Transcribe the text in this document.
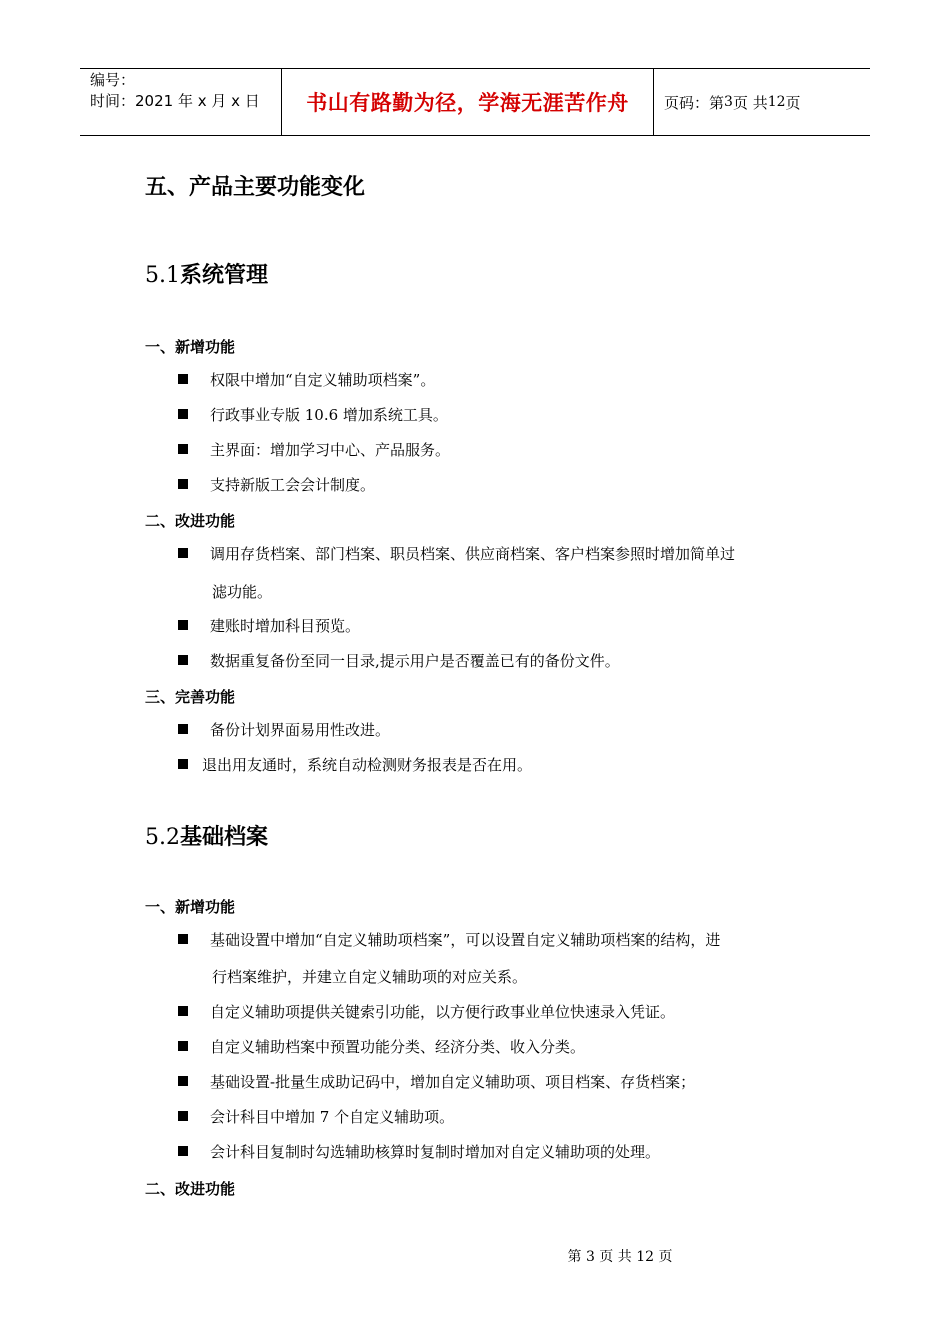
编号：
时间：2021 年 x 月 x 日	书山有路勤为径，学海无涯苦作舟	页码：第 3 页 共 12 页
五、产品主要功能变化
5.1系统管理
一、新增功能
权限中增加“自定义辅助项档案”。
行政事业专版 10.6 增加系统工具。
主界面：增加学习中心、产品服务。
支持新版工会会计制度。
二、改进功能
调用存货档案、部门档案、职员档案、供应商档案、客户档案参照时增加简单过
滤功能。
建账时增加科目预览。
数据重复备份至同一目录,提示用户是否覆盖已有的备份文件。
三、完善功能
备份计划界面易用性改进。
退出用友通时，系统自动检测财务报表是否在用。
5.2基础档案
一、新增功能
基础设置中增加“自定义辅助项档案”，可以设置自定义辅助项档案的结构，进
行档案维护，并建立自定义辅助项的对应关系。
自定义辅助项提供关键索引功能，以方便行政事业单位快速录入凭证。
自定义辅助档案中预置功能分类、经济分类、收入分类。
基础设置-批量生成助记码中，增加自定义辅助项、项目档案、存货档案；
会计科目中增加 7 个自定义辅助项。
会计科目复制时勾选辅助核算时复制时增加对自定义辅助项的处理。
二、改进功能
第 3 页 共 12 页
